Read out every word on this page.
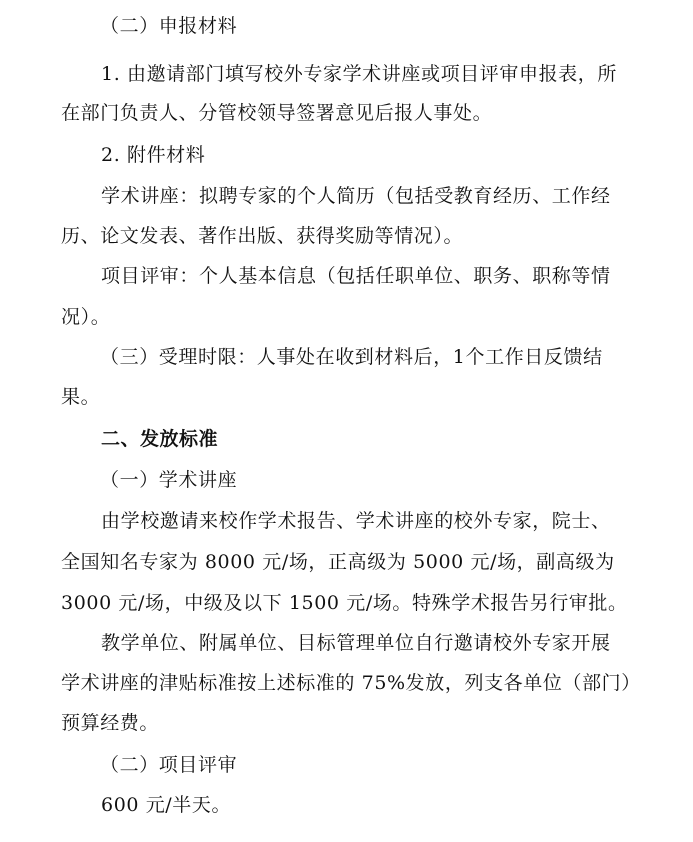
（二）申报材料
1. 由邀请部门填写校外专家学术讲座或项目评审申报表，所
在部门负责人、分管校领导签署意见后报人事处。
2. 附件材料
学术讲座：拟聘专家的个人简历（包括受教育经历、工作经
历、论文发表、著作出版、获得奖励等情况）。
项目评审：个人基本信息（包括任职单位、职务、职称等情
况）。
（三）受理时限：人事处在收到材料后，1个工作日反馈结
果。
二、发放标准
（一）学术讲座
由学校邀请来校作学术报告、学术讲座的校外专家，院士、
全国知名专家为 8000 元/场，正高级为 5000 元/场，副高级为
3000 元/场，中级及以下 1500 元/场。特殊学术报告另行审批。
教学单位、附属单位、目标管理单位自行邀请校外专家开展
学术讲座的津贴标准按上述标准的 75%发放，列支各单位（部门）
预算经费。
（二）项目评审
600 元/半天。
